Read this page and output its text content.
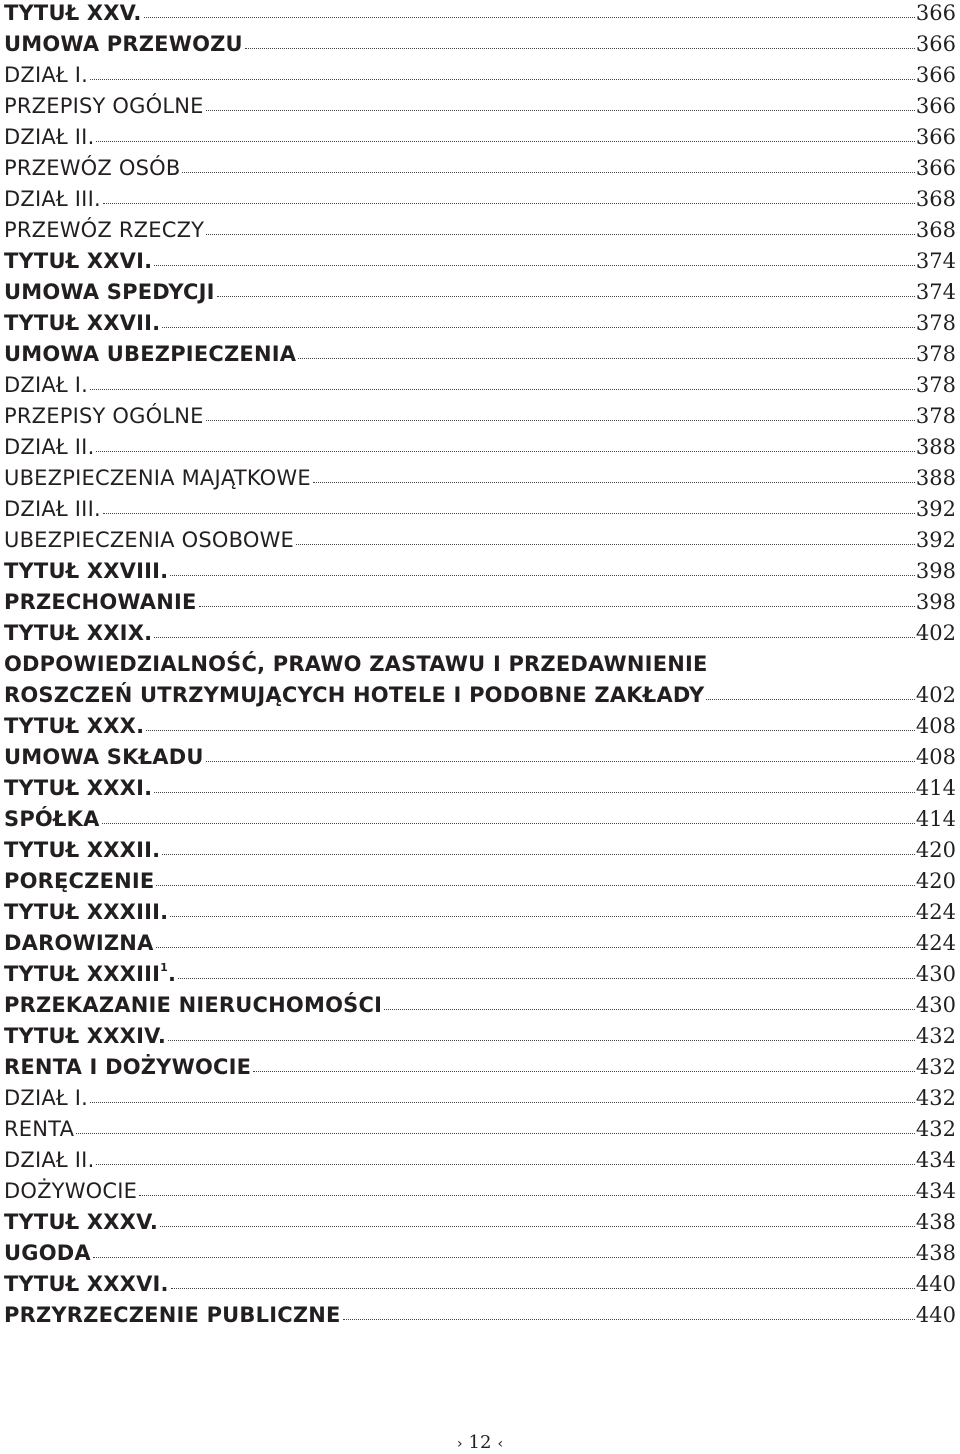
TYTUŁ XXV.	366
UMOWA PRZEWOZU	366
DZIAŁ I.	366
PRZEPISY OGÓLNE	366
DZIAŁ II.	366
PRZEWÓZ OSÓB	366
DZIAŁ III.	368
PRZEWÓZ RZECZY	368
TYTUŁ XXVI.	374
UMOWA SPEDYCJI	374
TYTUŁ XXVII.	378
UMOWA UBEZPIECZENIA	378
DZIAŁ I.	378
PRZEPISY OGÓLNE	378
DZIAŁ II.	388
UBEZPIECZENIA MAJĄTKOWE	388
DZIAŁ III.	392
UBEZPIECZENIA OSOBOWE	392
TYTUŁ XXVIII.	398
PRZECHOWANIE	398
TYTUŁ XXIX.	402
ODPOWIEDZIALNOŚĆ, PRAWO ZASTAWU I PRZEDAWNIENIE
ROSZCZEŃ UTRZYMUJĄCYCH HOTELE I PODOBNE ZAKŁADY	402
TYTUŁ XXX.	408
UMOWA SKŁADU	408
TYTUŁ XXXI.	414
SPÓŁKA	414
TYTUŁ XXXII.	420
PORĘCZENIE	420
TYTUŁ XXXIII.	424
DAROWIZNA	424
TYTUŁ XXXIII$^1$.	430
PRZEKAZANIE NIERUCHOMOŚCI	430
TYTUŁ XXXIV.	432
RENTA I DOŻYWOCIE	432
DZIAŁ I.	432
RENTA	432
DZIAŁ II.	434
DOŻYWOCIE	434
TYTUŁ XXXV.	438
UGODA	438
TYTUŁ XXXVI.	440
PRZYRZECZENIE PUBLICZNE	440
› 12 ‹
